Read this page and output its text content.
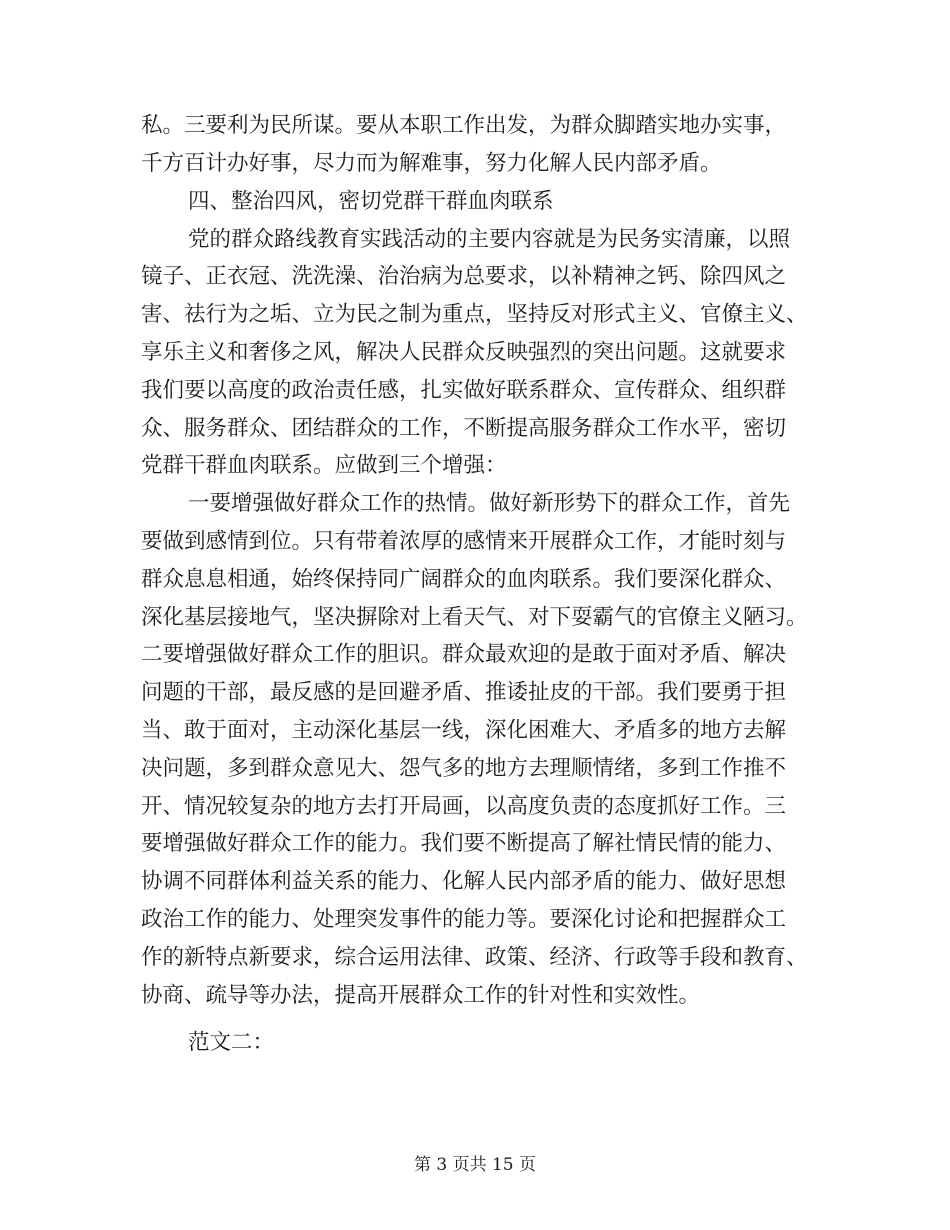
私。三要利为民所谋。要从本职工作出发，为群众脚踏实地办实事，
千方百计办好事，尽力而为解难事，努力化解人民内部矛盾。
四、整治四风，密切党群干群血肉联系
党的群众路线教育实践活动的主要内容就是为民务实清廉，以照
镜子、正衣冠、洗洗澡、治治病为总要求，以补精神之钙、除四风之
害、祛行为之垢、立为民之制为重点，坚持反对形式主义、官僚主义、
享乐主义和奢侈之风，解决人民群众反映强烈的突出问题。这就要求
我们要以高度的政治责任感，扎实做好联系群众、宣传群众、组织群
众、服务群众、团结群众的工作，不断提高服务群众工作水平，密切
党群干群血肉联系。应做到三个增强：
一要增强做好群众工作的热情。做好新形势下的群众工作，首先
要做到感情到位。只有带着浓厚的感情来开展群众工作，才能时刻与
群众息息相通，始终保持同广阔群众的血肉联系。我们要深化群众、
深化基层接地气，坚决摒除对上看天气、对下耍霸气的官僚主义陋习。
二要增强做好群众工作的胆识。群众最欢迎的是敢于面对矛盾、解决
问题的干部，最反感的是回避矛盾、推诿扯皮的干部。我们要勇于担
当、敢于面对，主动深化基层一线，深化困难大、矛盾多的地方去解
决问题，多到群众意见大、怨气多的地方去理顺情绪，多到工作推不
开、情况较复杂的地方去打开局画，以高度负责的态度抓好工作。三
要增强做好群众工作的能力。我们要不断提高了解社情民情的能力、
协调不同群体利益关系的能力、化解人民内部矛盾的能力、做好思想
政治工作的能力、处理突发事件的能力等。要深化讨论和把握群众工
作的新特点新要求，综合运用法律、政策、经济、行政等手段和教育、
协商、疏导等办法，提高开展群众工作的针对性和实效性。
范文二：
第 3 页共 15 页
